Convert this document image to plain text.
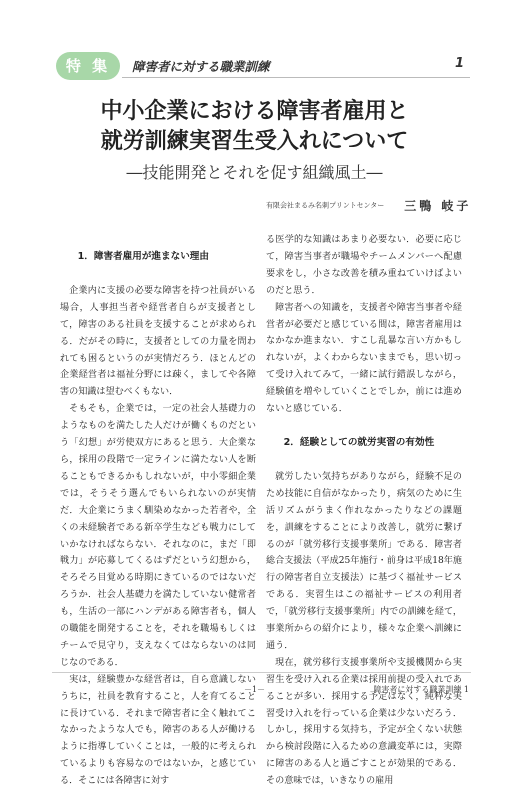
特 集	障害者に対する職業訓練	1
中小企業における障害者雇用と
就労訓練実習生受入れについて
―技能開発とそれを促す組織風土―
有限会社まるみ名刺プリントセンター 三鴨 岐子

1．障害者雇用が進まない理由

企業内に支援の必要な障害を持つ社員がいる場合，人事担当者や経営者自らが支援者として，障害のある社員を支援することが求められる．だがその時に，支援者としての力量を問われても困るというのが実情だろう．ほとんどの企業経営者は福祉分野には疎く，ましてや各障害の知識は望むべくもない．

そもそも，企業では，一定の社会人基礎力のようなものを満たした人だけが働くものだという「幻想」が労使双方にあると思う．大企業なら，採用の段階で一定ラインに満たない人を断ることもできるかもしれないが，中小零細企業では，そうそう選んでもいられないのが実情だ．大企業にうまく馴染めなかった若者や，全くの未経験者である新卒学生なども戦力にしていかなければならない．それなのに，まだ「即戦力」が応募してくるはずだという幻想から，そろそろ目覚める時期にきているのではないだろうか．社会人基礎力を満たしていない健常者も，生活の一部にハンデがある障害者も，個人の職能を開発することを，それを職場もしくはチームで見守り，支えなくてはならないのは同じなのである．

実は，経験豊かな経営者は，自ら意識しないうちに，社員を教育すること，人を育てることに長けている．それまで障害者に全く触れてこなかったような人でも，障害のある人が働けるように指導していくことは，一般的に考えられているよりも容易なのではないか，と感じている．そこには各障害に対す

る医学的な知識はあまり必要ない．必要に応じて，障害当事者が職場やチームメンバーへ配慮要求をし，小さな改善を積み重ねていけばよいのだと思う．

障害者への知識を，支援者や障害当事者や経営者が必要だと感じている間は，障害者雇用はなかなか進まない．すこし乱暴な言い方かもしれないが，よくわからないままでも，思い切って受け入れてみて，一緒に試行錯誤しながら，経験値を増やしていくことでしか，前には進めないと感じている．

2．経験としての就労実習の有効性

就労したい気持ちがありながら，経験不足のため技能に自信がなかったり，病気のために生活リズムがうまく作れなかったりなどの課題を，訓練をすることにより改善し，就労に繋げるのが「就労移行支援事業所」である．障害者総合支援法（平成25年施行・前身は平成18年施行の障害者自立支援法）に基づく福祉サービスである．実習生はこの福祉サービスの利用者で，「就労移行支援事業所」内での訓練を経て，事業所からの紹介により，様々な企業へ訓練に通う．

現在，就労移行支援事業所や支援機関から実習生を受け入れる企業は採用前提の受入れであることが多い．採用する予定はなく，純粋な実習受け入れを行っている企業は少ないだろう．しかし，採用する気持ち，予定が全くない状態から検討段階に入るための意識変革には，実際に障害のある人と過ごすことが効果的である．その意味では，いきなりの雇用

－1－	障害者に対する職業訓練 1
